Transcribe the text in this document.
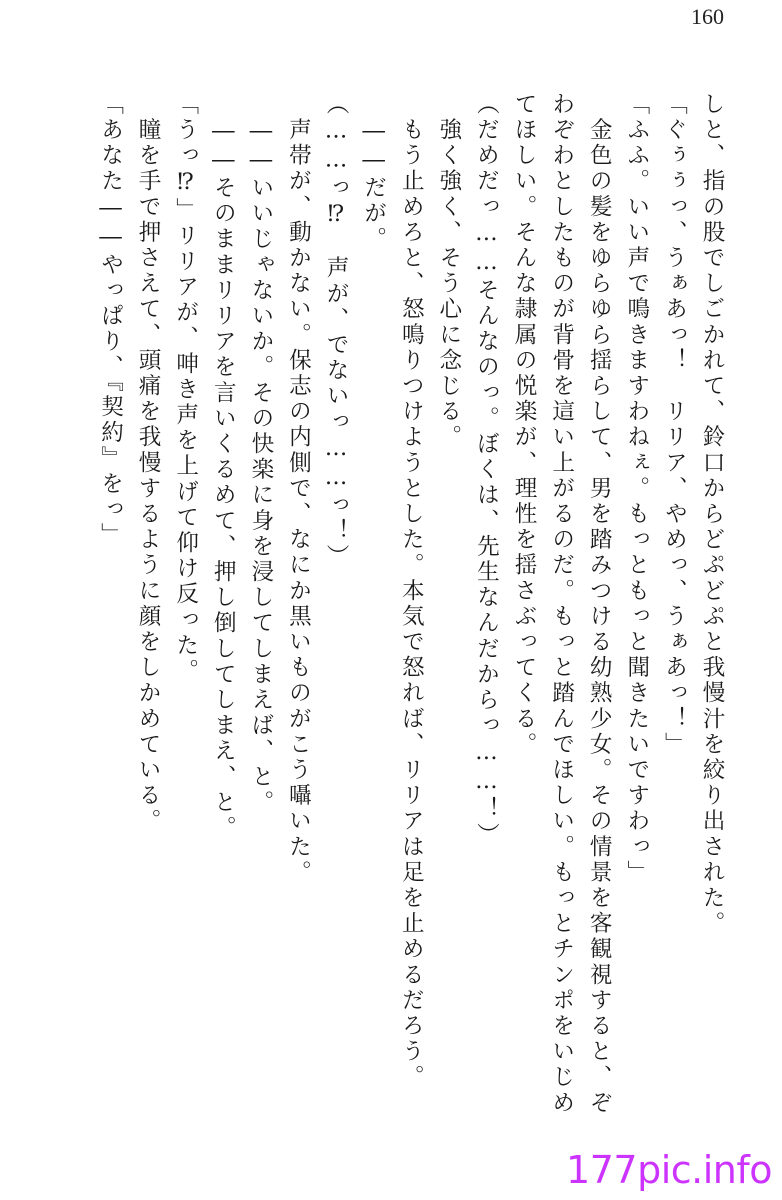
160

しと、指の股でしごかれて、鈴口からどぷどぷと我慢汁を絞り出された。

「ぐぅぅっ、うぁあっ！　リリア、やめっ、うぁあっ！」

「ふふ。いい声で鳴きますわねぇ。もっともっと聞きたいですわっ」

　金色の髪をゆらゆら揺らして、男を踏みつける幼熟少女。その情景を客観視すると、ぞ

わぞわとしたものが背骨を這い上がるのだ。もっと踏んでほしい。もっとチンポをいじめ

てほしい。そんな隷属の悦楽が、理性を揺さぶってくる。

（だめだっ……そんなのっ。ぼくは、先生なんだからっ……！）

　強く強く、そう心に念じる。

　もう止めろと、怒鳴りつけようとした。本気で怒れば、リリアは足を止めるだろう。

　――だが。

（……っ⁉　声が、でないっ……っ！）

　声帯が、動かない。保志の内側で、なにか黒いものがこう囁いた。

　――いいじゃないか。その快楽に身を浸してしまえば、と。

　――そのままリリアを言いくるめて、押し倒してしまえ、と。

「うっ⁉」リリアが、呻き声を上げて仰け反った。

　瞳を手で押さえて、頭痛を我慢するように顔をしかめている。

「あなた――やっぱり、『契約』をっ」

177pic.info
